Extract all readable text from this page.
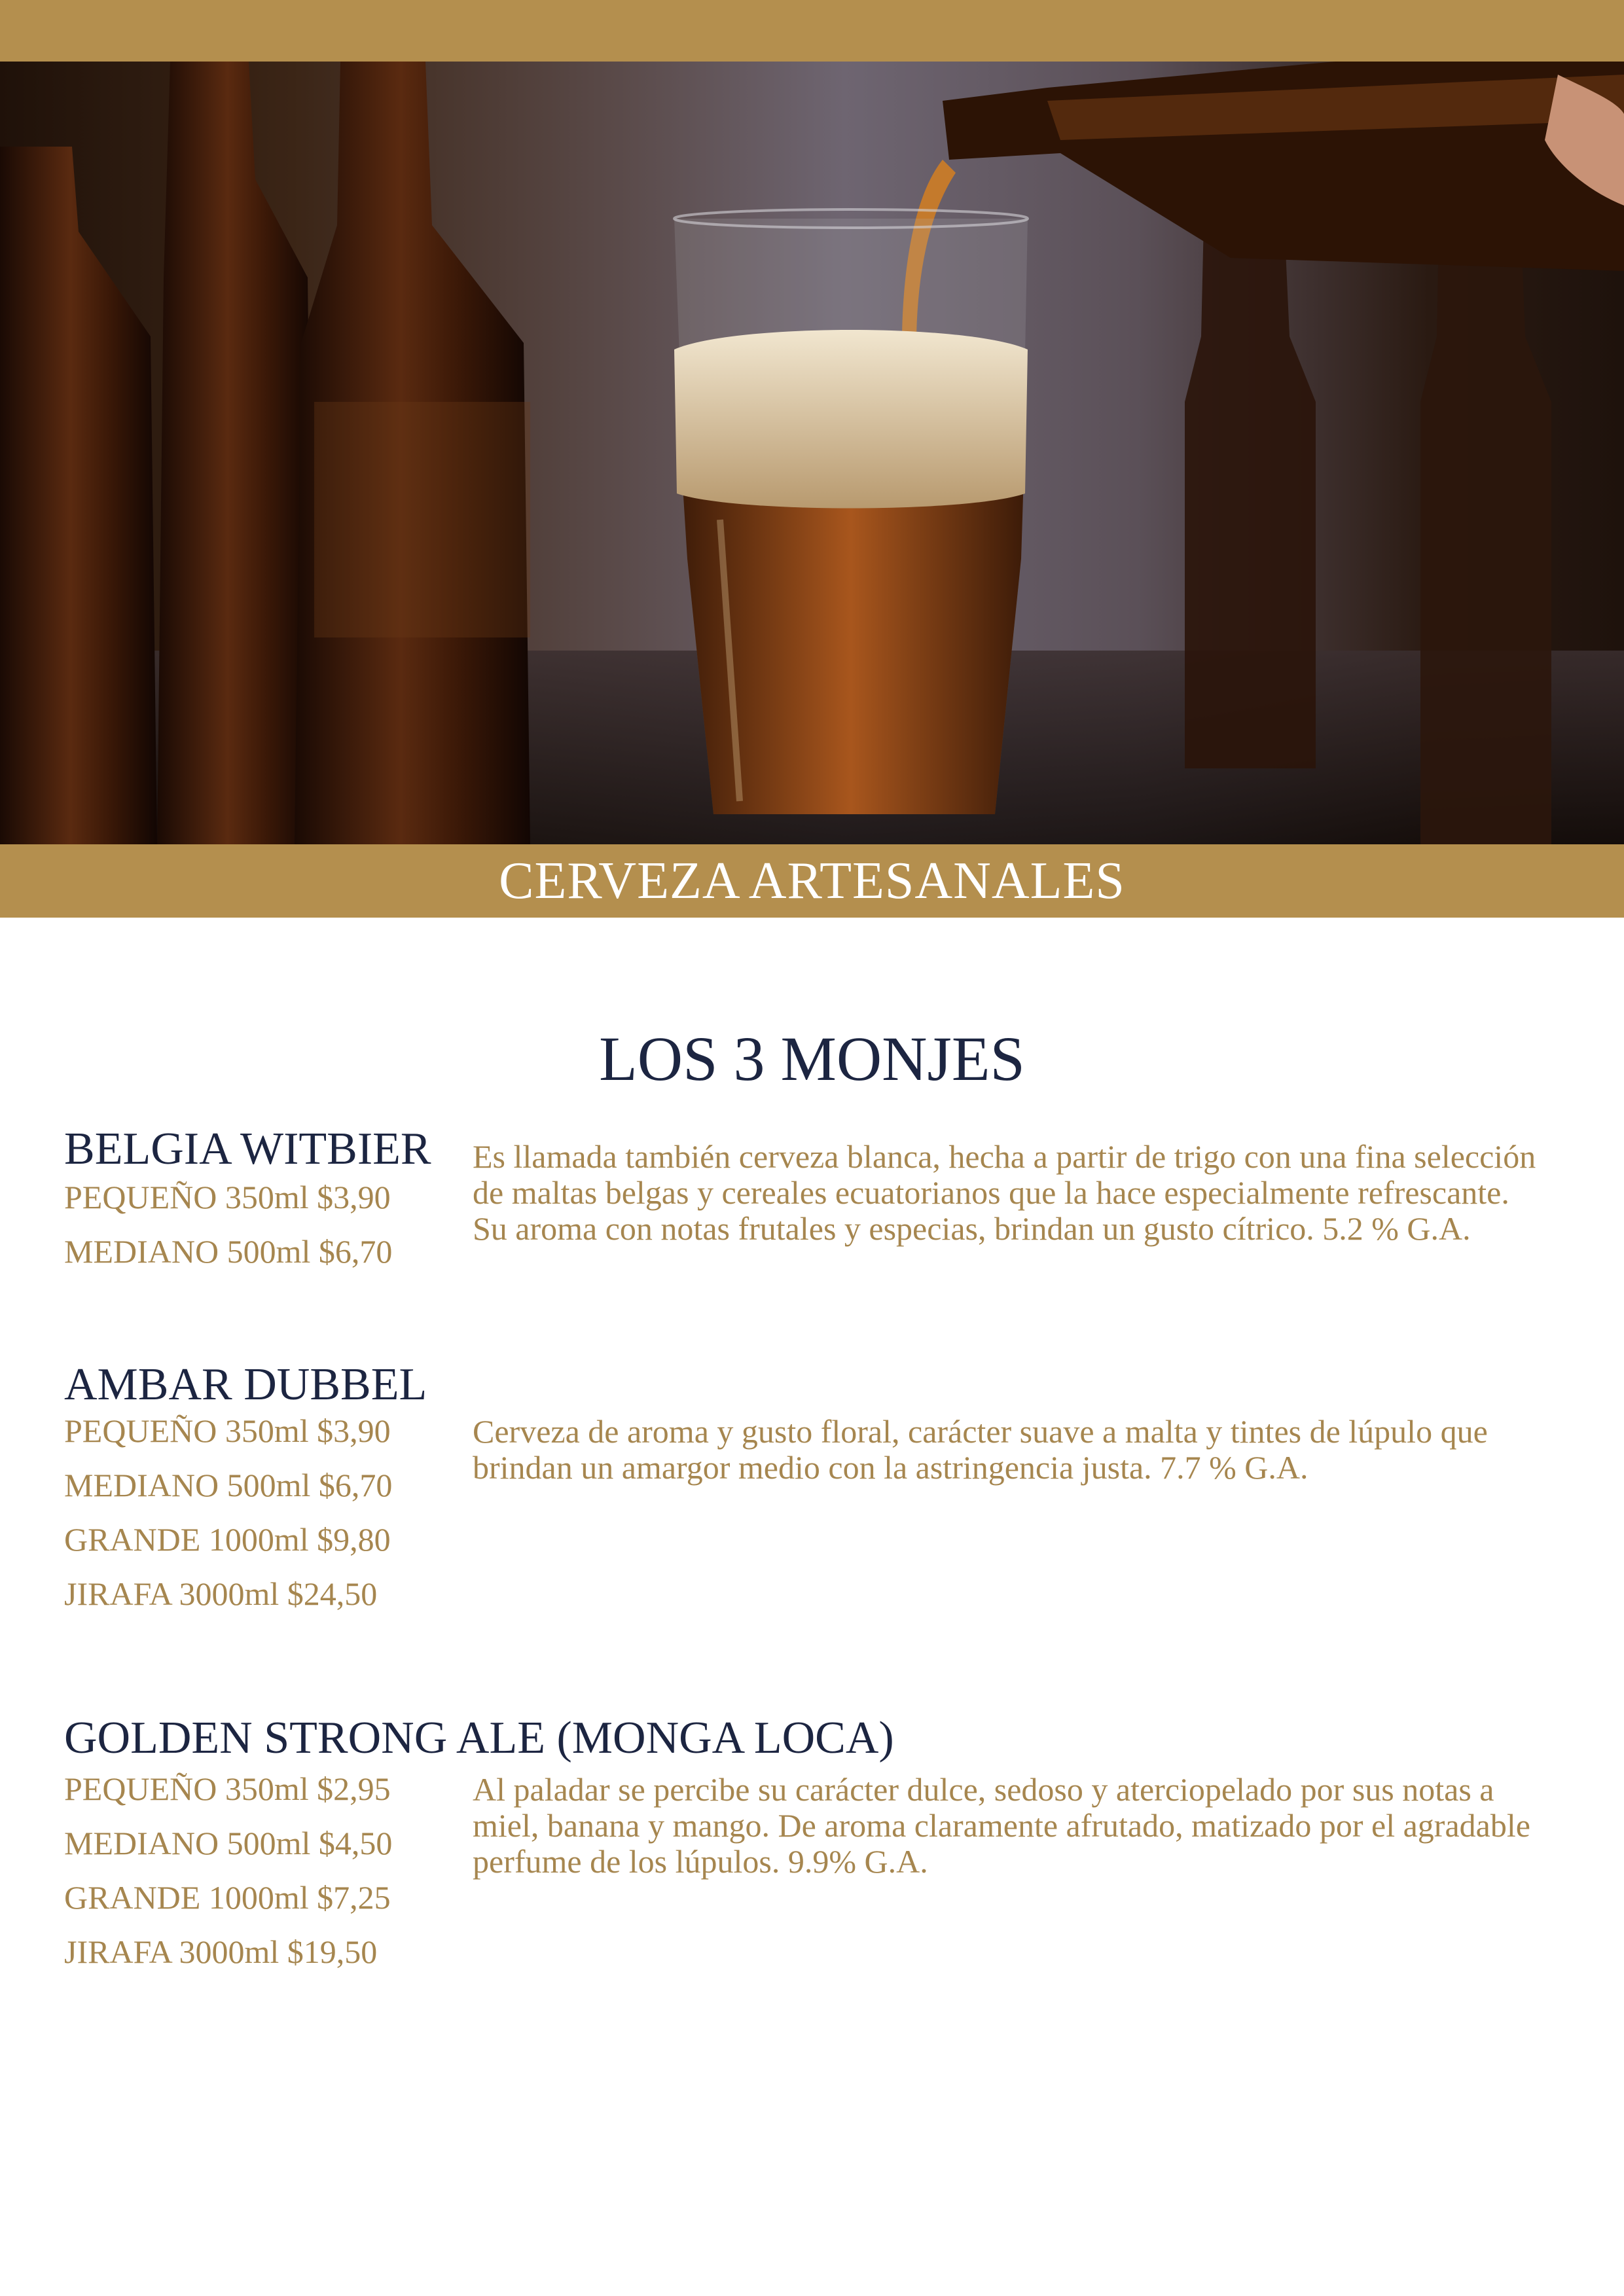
CERVEZA ARTESANALES
LOS 3 MONJES
BELGIA WITBIER
PEQUEÑO 350ml $3,90
MEDIANO 500ml $6,70

Es llamada también cerveza blanca, hecha a partir de trigo con una fina selección de maltas belgas y cereales ecuatorianos que la hace especialmente refrescante. Su aroma con notas frutales y especias, brindan un gusto cítrico. 5.2 % G.A.

AMBAR DUBBEL
PEQUEÑO 350ml $3,90
MEDIANO 500ml $6,70
GRANDE 1000ml $9,80
JIRAFA 3000ml $24,50

Cerveza de aroma y gusto floral, carácter suave a malta y tintes de lúpulo que brindan un amargor medio con la astringencia justa. 7.7 % G.A.

GOLDEN STRONG ALE (MONGA LOCA)
PEQUEÑO 350ml $2,95
MEDIANO 500ml $4,50
GRANDE 1000ml $7,25
JIRAFA 3000ml $19,50

Al paladar se percibe su carácter dulce, sedoso y aterciopelado por sus notas a miel, banana y mango. De aroma claramente afrutado, matizado por el agradable perfume de los lúpulos. 9.9% G.A.
